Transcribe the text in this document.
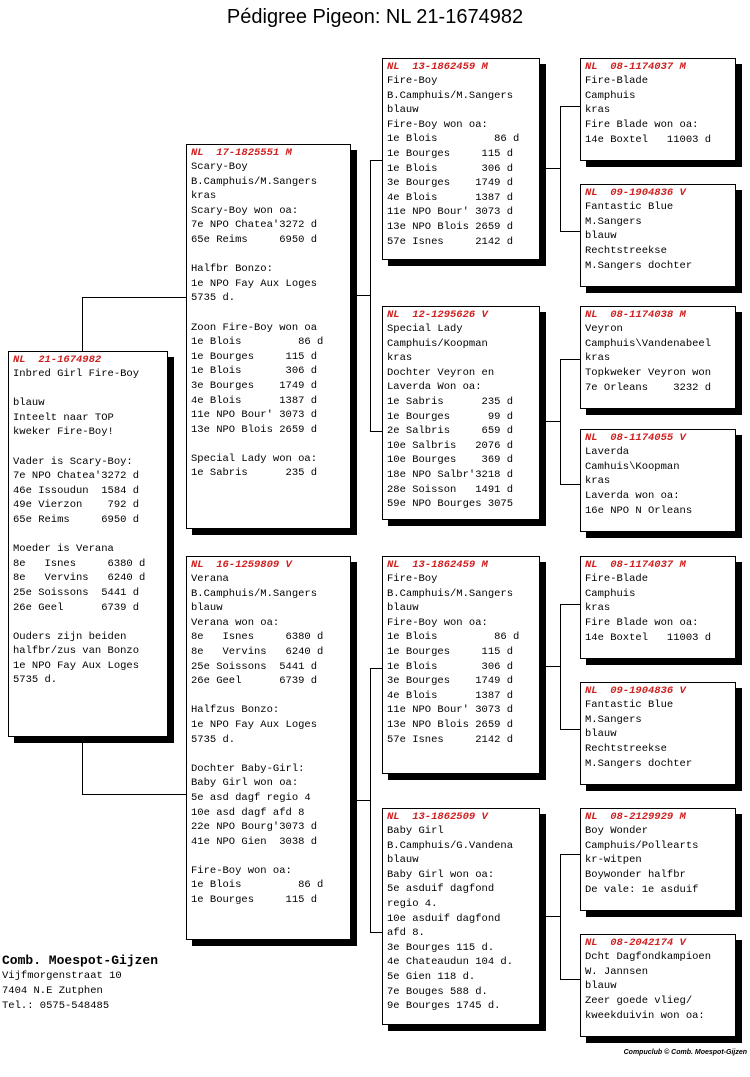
Pédigree Pigeon: NL 21-1674982
NL  21-1674982
Inbred Girl Fire-Boy
blauw
Inteelt naar TOP
kweker Fire-Boy!
Vader is Scary-Boy:
7e NPO Chatea'3272 d
46e Issoudun  1584 d
49e Vierzon    792 d
65e Reims     6950 d
Moeder is Verana
8e   Isnes     6380 d
8e   Vervins   6240 d
25e Soissons  5441 d
26e Geel      6739 d
Ouders zijn beiden
halfbr/zus van Bonzo
1e NPO Fay Aux Loges
5735 d.
NL  17-1825551 M
Scary-Boy
B.Camphuis/M.Sangers
kras
Scary-Boy won oa:
7e NPO Chatea'3272 d
65e Reims     6950 d
Halfbr Bonzo:
1e NPO Fay Aux Loges
5735 d.
Zoon Fire-Boy won oa
1e Blois         86 d
1e Bourges     115 d
1e Blois       306 d
3e Bourges    1749 d
4e Blois      1387 d
11e NPO Bour' 3073 d
13e NPO Blois 2659 d
Special Lady won oa:
1e Sabris      235 d
NL  16-1259809 V
Verana
B.Camphuis/M.Sangers
blauw
Verana won oa:
8e   Isnes     6380 d
8e   Vervins   6240 d
25e Soissons  5441 d
26e Geel      6739 d
Halfzus Bonzo:
1e NPO Fay Aux Loges
5735 d.
Dochter Baby-Girl:
Baby Girl won oa:
5e asd dagf regio 4
10e asd dagf afd 8
22e NPO Bourg'3073 d
41e NPO Gien  3038 d
Fire-Boy won oa:
1e Blois         86 d
1e Bourges     115 d
NL  13-1862459 M
Fire-Boy
B.Camphuis/M.Sangers
blauw
Fire-Boy won oa:
1e Blois         86 d
1e Bourges     115 d
1e Blois       306 d
3e Bourges    1749 d
4e Blois      1387 d
11e NPO Bour' 3073 d
13e NPO Blois 2659 d
57e Isnes     2142 d
NL  12-1295626 V
Special Lady
Camphuis/Koopman
kras
Dochter Veyron en
Laverda Won oa:
1e Sabris      235 d
1e Bourges      99 d
2e Salbris     659 d
10e Salbris   2076 d
10e Bourges    369 d
18e NPO Salbr'3218 d
28e Soisson   1491 d
59e NPO Bourges 3075
NL  13-1862459 M
Fire-Boy
B.Camphuis/M.Sangers
blauw
Fire-Boy won oa:
1e Blois         86 d
1e Bourges     115 d
1e Blois       306 d
3e Bourges    1749 d
4e Blois      1387 d
11e NPO Bour' 3073 d
13e NPO Blois 2659 d
57e Isnes     2142 d
NL  13-1862509 V
Baby Girl
B.Camphuis/G.Vandena
blauw
Baby Girl won oa:
5e asduif dagfond
regio 4.
10e asduif dagfond
afd 8.
3e Bourges 115 d.
4e Chateaudun 104 d.
5e Gien 118 d.
7e Bouges 588 d.
9e Bourges 1745 d.
NL  08-1174037 M
Fire-Blade
Camphuis
kras
Fire Blade won oa:
14e Boxtel   11003 d
NL  09-1904836 V
Fantastic Blue
M.Sangers
blauw
Rechtstreekse
M.Sangers dochter
NL  08-1174038 M
Veyron
Camphuis\Vandenabeel
kras
Topkweker Veyron won
7e Orleans    3232 d
NL  08-1174055 V
Laverda
Camhuis\Koopman
kras
Laverda won oa:
16e NPO N Orleans
NL  08-1174037 M
Fire-Blade
Camphuis
kras
Fire Blade won oa:
14e Boxtel   11003 d
NL  09-1904836 V
Fantastic Blue
M.Sangers
blauw
Rechtstreekse
M.Sangers dochter
NL  08-2129929 M
Boy Wonder
Camphuis/Pollearts
kr-witpen
Boywonder halfbr
De vale: 1e asduif
NL  08-2042174 V
Dcht Dagfondkampioen
W. Jannsen
blauw
Zeer goede vlieg/
kweekduivin won oa:
Comb. Moespot-Gijzen
Vijfmorgenstraat 10
7404 N.E Zutphen
Tel.: 0575-548485
Compuclub © Comb. Moespot-Gijzen
